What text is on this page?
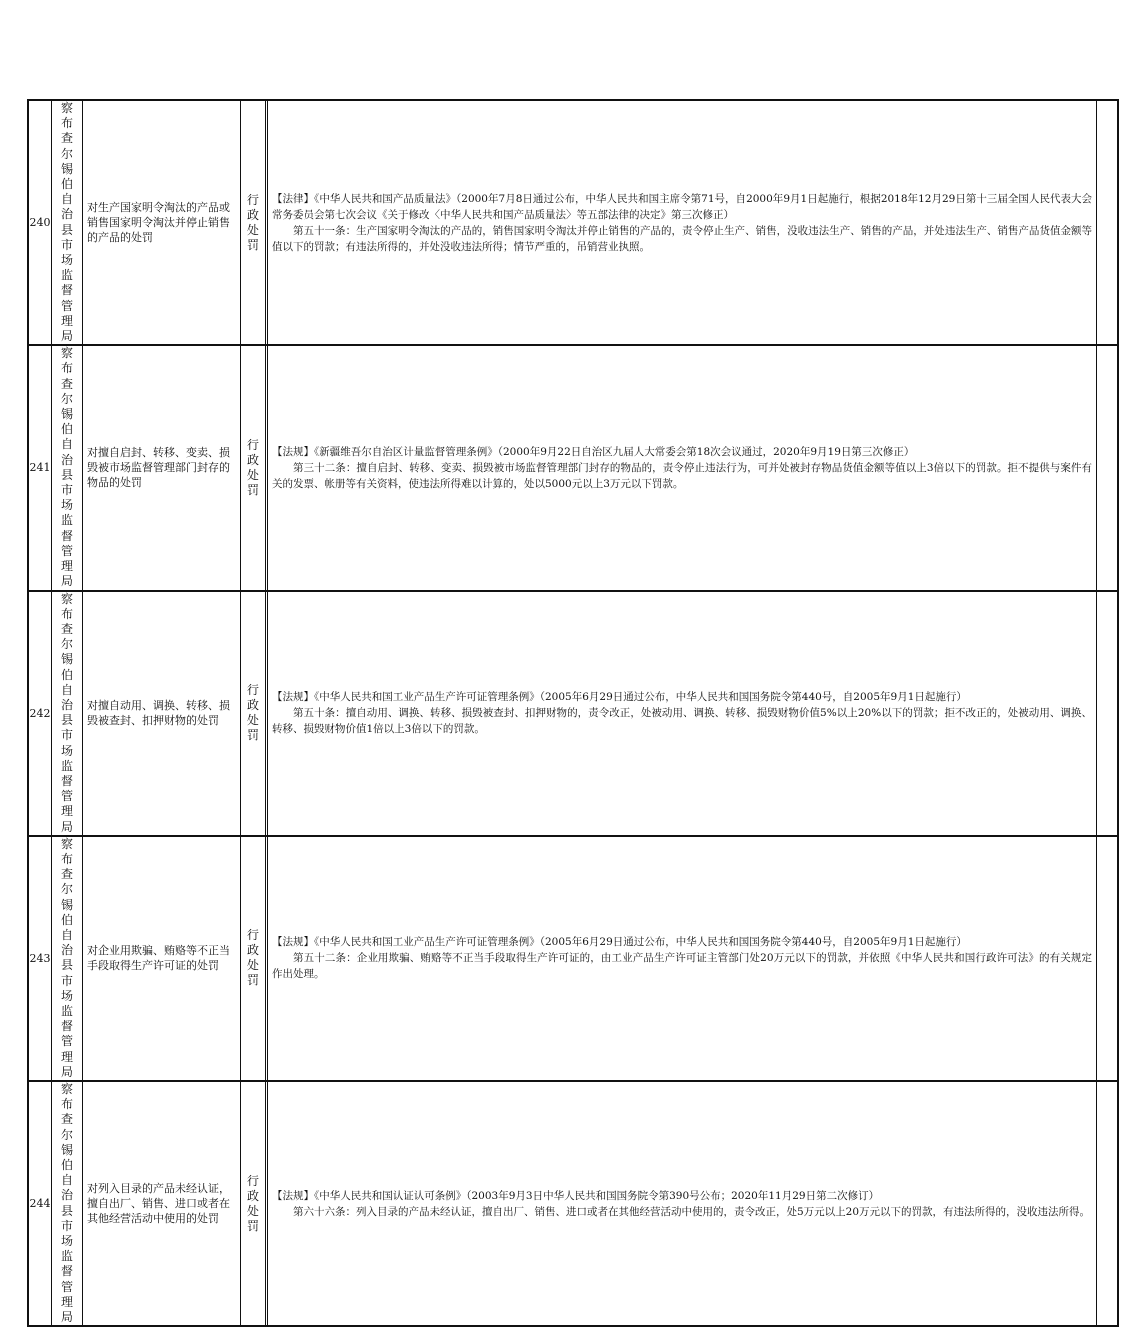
240	察布查尔锡伯自治县市场监督管理局	对生产国家明令淘汰的产品或销售国家明令淘汰并停止销售的产品的处罚	行政处罚		【法律】《中华人民共和国产品质量法》（2000年7月8日通过公布，中华人民共和国主席令第71号，自2000年9月1日起施行，根据2018年12月29日第十三届全国人民代表大会常务委员会第七次会议《关于修改〈中华人民共和国产品质量法〉等五部法律的决定》第三次修正）
第五十一条：生产国家明令淘汰的产品的，销售国家明令淘汰并停止销售的产品的，责令停止生产、销售，没收违法生产、销售的产品，并处违法生产、销售产品货值金额等值以下的罚款；有违法所得的，并处没收违法所得；情节严重的，吊销营业执照。	

241	察布查尔锡伯自治县市场监督管理局	对擅自启封、转移、变卖、损毁被市场监督管理部门封存的物品的处罚	行政处罚		【法规】《新疆维吾尔自治区计量监督管理条例》（2000年9月22日自治区九届人大常委会第18次会议通过，2020年9月19日第三次修正）
第三十二条：擅自启封、转移、变卖、损毁被市场监督管理部门封存的物品的，责令停止违法行为，可并处被封存物品货值金额等值以上3倍以下的罚款。拒不提供与案件有关的发票、帐册等有关资料，使违法所得难以计算的，处以5000元以上3万元以下罚款。	

242	察布查尔锡伯自治县市场监督管理局	对擅自动用、调换、转移、损毁被查封、扣押财物的处罚	行政处罚		【法规】《中华人民共和国工业产品生产许可证管理条例》（2005年6月29日通过公布，中华人民共和国国务院令第440号，自2005年9月1日起施行）
第五十条：擅自动用、调换、转移、损毁被查封、扣押财物的，责令改正，处被动用、调换、转移、损毁财物价值5%以上20%以下的罚款；拒不改正的，处被动用、调换、转移、损毁财物价值1倍以上3倍以下的罚款。	

243	察布查尔锡伯自治县市场监督管理局	对企业用欺骗、贿赂等不正当手段取得生产许可证的处罚	行政处罚		【法规】《中华人民共和国工业产品生产许可证管理条例》（2005年6月29日通过公布，中华人民共和国国务院令第440号，自2005年9月1日起施行）
第五十二条：企业用欺骗、贿赂等不正当手段取得生产许可证的，由工业产品生产许可证主管部门处20万元以下的罚款，并依照《中华人民共和国行政许可法》的有关规定作出处理。	

244	察布查尔锡伯自治县市场监督管理局	对列入目录的产品未经认证，擅自出厂、销售、进口或者在其他经营活动中使用的处罚	行政处罚		【法规】《中华人民共和国认证认可条例》（2003年9月3日中华人民共和国国务院令第390号公布；2020年11月29日第二次修订）
第六十六条：列入目录的产品未经认证，擅自出厂、销售、进口或者在其他经营活动中使用的，责令改正，处5万元以上20万元以下的罚款，有违法所得的，没收违法所得。	
